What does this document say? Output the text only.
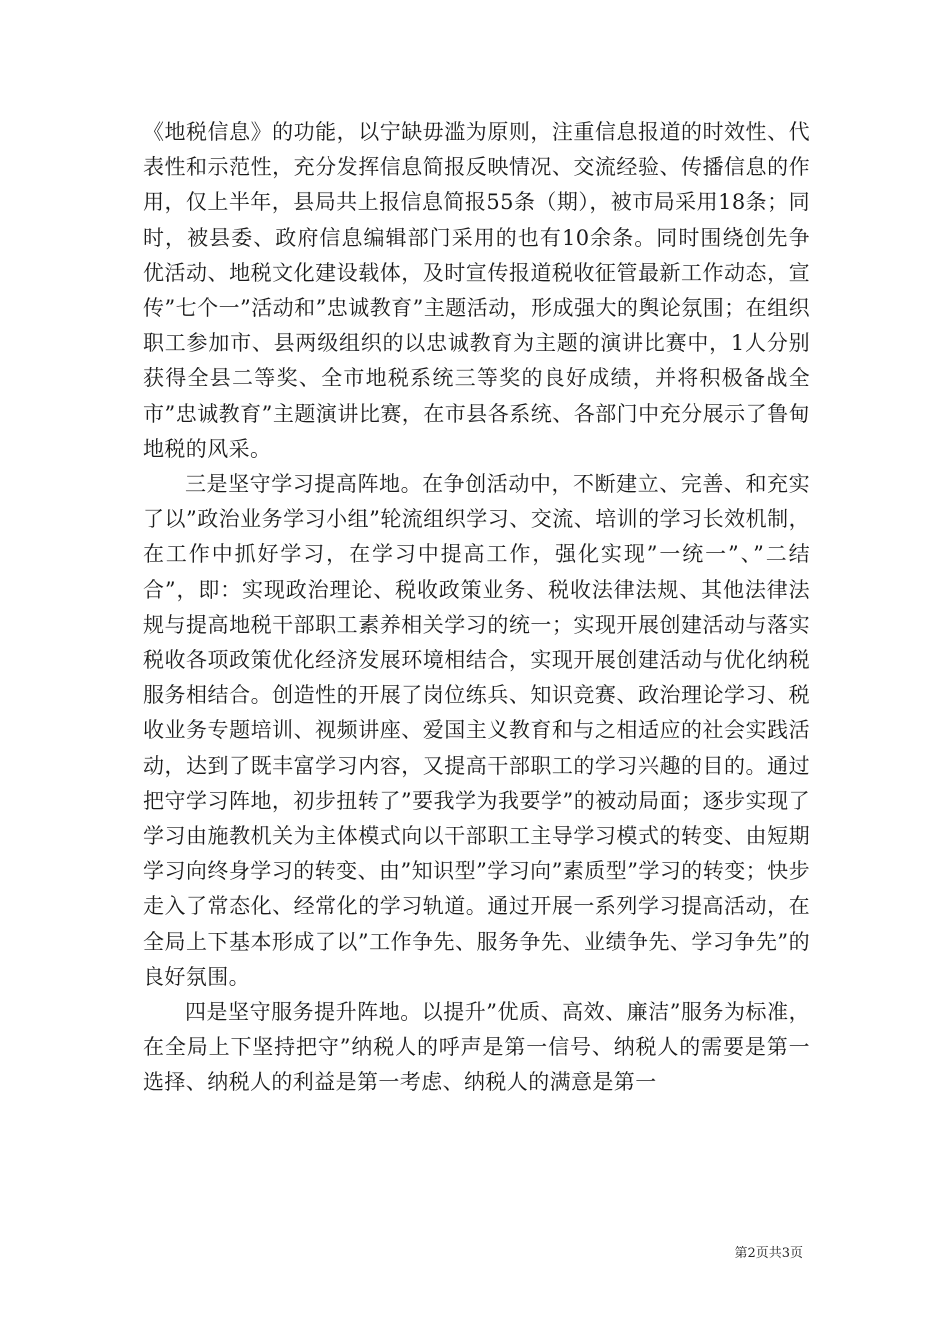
《地税信息》的功能，以宁缺毋滥为原则，注重信息报道的时效性、代表性和示范性，充分发挥信息简报反映情况、交流经验、传播信息的作用，仅上半年，县局共上报信息简报55条（期），被市局采用18条；同时，被县委、政府信息编辑部门采用的也有10余条。同时围绕创先争优活动、地税文化建设载体，及时宣传报道税收征管最新工作动态，宣传”七个一”活动和”忠诚教育”主题活动，形成强大的舆论氛围；在组织职工参加市、县两级组织的以忠诚教育为主题的演讲比赛中，1人分别获得全县二等奖、全市地税系统三等奖的良好成绩，并将积极备战全市”忠诚教育”主题演讲比赛，在市县各系统、各部门中充分展示了鲁甸地税的风采。

三是坚守学习提高阵地。在争创活动中，不断建立、完善、和充实了以”政治业务学习小组”轮流组织学习、交流、培训的学习长效机制，在工作中抓好学习，在学习中提高工作，强化实现”一统一”、”二结合”，即：实现政治理论、税收政策业务、税收法律法规、其他法律法规与提高地税干部职工素养相关学习的统一；实现开展创建活动与落实税收各项政策优化经济发展环境相结合，实现开展创建活动与优化纳税服务相结合。创造性的开展了岗位练兵、知识竞赛、政治理论学习、税收业务专题培训、视频讲座、爱国主义教育和与之相适应的社会实践活动，达到了既丰富学习内容，又提高干部职工的学习兴趣的目的。通过把守学习阵地，初步扭转了”要我学为我要学”的被动局面；逐步实现了学习由施教机关为主体模式向以干部职工主导学习模式的转变、由短期学习向终身学习的转变、由”知识型”学习向”素质型”学习的转变；快步走入了常态化、经常化的学习轨道。通过开展一系列学习提高活动，在全局上下基本形成了以”工作争先、服务争先、业绩争先、学习争先”的良好氛围。

四是坚守服务提升阵地。以提升”优质、高效、廉洁”服务为标准，在全局上下坚持把守”纳税人的呼声是第一信号、纳税人的需要是第一选择、纳税人的利益是第一考虑、纳税人的满意是第一

第2页共3页
